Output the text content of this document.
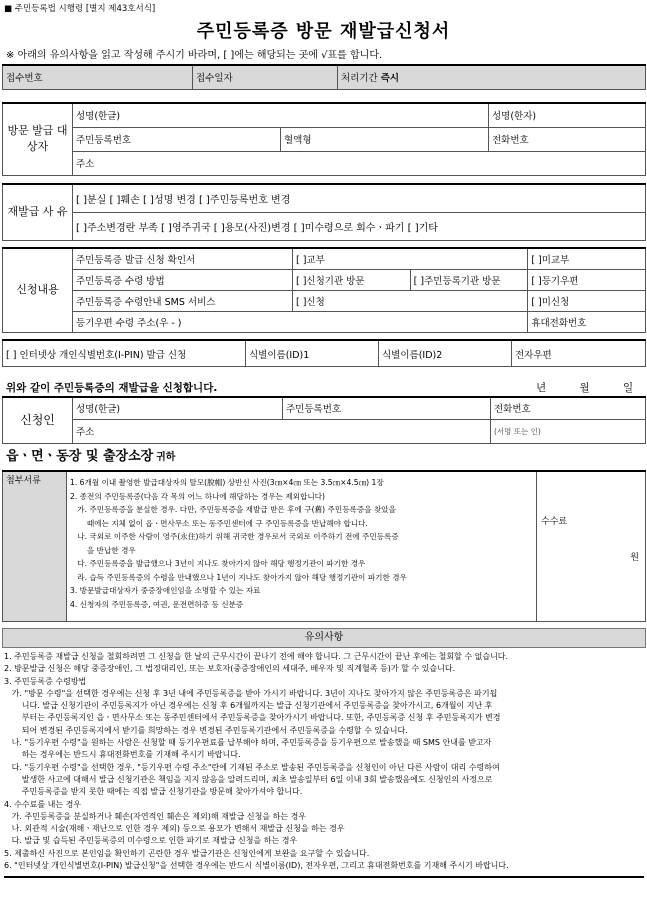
■ 주민등록법 시행령 [별지 제43호서식]
주민등록증 방문 재발급신청서
※ 아래의 유의사항을 읽고 작성해 주시기 바라며, [ ]에는 해당되는 곳에 √표를 합니다.
접수번호	접수일자	처리기간 즉시
방문 발급 대상자	성명(한글)		성명(한자)
	주민등록번호	혈액형	전화번호
	주소		
재발급 사 유	[ ]분실 [ ]훼손 [ ]성명 변경 [ ]주민등록번호 변경
[ ]주소변경란 부족 [ ]영주귀국 [ ]용모(사진)변경 [ ]미수령으로 회수ㆍ파기 [ ]기타
신청내용	주민등록증 발급 신청 확인서	[ ]교부		[ ]미교부
	주민등록증 수령 방법	[ ]신청기관 방문	[ ]주민등록기관 방문	[ ]등기우편
	주민등록증 수령안내 SMS 서비스	[ ]신청		[ ]미신청
	등기우편 수령 주소(우 - )			휴대전화번호
[ ] 인터넷상 개인식별번호(I-PIN) 발급 신청	식별이름(ID)1	식별이름(ID)2	전자우편
위와 같이 주민등록증의 재발급을 신청합니다.	년          월          일
신청인	성명(한글)	주민등록번호	전화번호
	주소		(서명 또는 인)
읍ㆍ면ㆍ동장 및 출장소장 귀하
첨부서류	1. 6개월 이내 촬영한 발급대상자의 탈모(脫帽) 상반신 사진(3㎝×4㎝ 또는 3.5㎝×4.5㎝) 1장
2. 종전의 주민등록증(다음 각 목의 어느 하나에 해당하는 경우는 제외합니다)
가. 주민등록증을 분실한 경우. 다만, 주민등록증을 재발급 받은 후에 구(舊) 주민등록증을 찾았을
때에는 지체 없이 읍ㆍ면사무소 또는 동주민센터에 구 주민등록증을 반납해야 합니다.
나. 국외로 이주한 사람이 영주(永住)하기 위해 귀국한 경우로서 국외로 이주하기 전에 주민등록증
을 반납한 경우
다. 주민등록증을 발급했으나 3년이 지나도 찾아가지 않아 해당 행정기관이 파기한 경우
라. 습득 주민등록증의 수령을 안내했으나 1년이 지나도 찾아가지 않아 해당 행정기관이 파기한 경우
3. 방문발급대상자가 중증장애인임을 소명할 수 있는 자료
4. 신청자의 주민등록증, 여권, 운전면허증 등 신분증

수수료
원
유의사항
1. 주민등록증 재발급 신청을 철회하려면 그 신청을 한 날의 근무시간이 끝나기 전에 해야 합니다. 그 근무시간이 끝난 후에는 철회할 수 없습니다.
2. 방문발급 신청은 해당 중증장애인, 그 법정대리인, 또는 보호자(중증장애인의 세대주, 배우자 및 직계혈족 등)가 할 수 있습니다.
3. 주민등록증 수령방법
가. "방문 수령"을 선택한 경우에는 신청 후 3년 내에 주민등록증을 받아 가시기 바랍니다. 3년이 지나도 찾아가지 않은 주민등록증은 파기됩
니다. 발급 신청기관이 주민등록지가 아닌 경우에는 신청 후 6개월까지는 발급 신청기관에서 주민등록증을 찾아가시고, 6개월이 지난 후
부터는 주민등록지인 읍ㆍ면사무소 또는 동주민센터에서 주민등록증을 찾아가시기 바랍니다. 또한, 주민등록증 신청 후 주민등록지가 변경
되어 변경된 주민등록지에서 받기를 희망하는 경우 변경된 주민등록기관에서 주민등록증을 수령할 수 있습니다.
나. "등기우편 수령"을 원하는 사람은 신청할 때 등기우편료를 납부해야 하며, 주민등록증을 등기우편으로 발송했을 때 SMS 안내를 받고자
하는 경우에는 반드시 휴대전화번호를 기재해 주시기 바랍니다.
다. "등기우편 수령"을 선택한 경우, "등기우편 수령 주소"란에 기재된 주소로 발송된 주민등록증을 신청인이 아닌 다른 사람이 대리 수령하여
발생한 사고에 대해서 발급 신청기관은 책임을 지지 않음을 알려드리며, 최초 발송일부터 6일 이내 3회 발송했음에도 신청인의 사정으로
주민등록증을 받지 못한 때에는 직접 발급 신청기관을 방문해 찾아가셔야 합니다.
4. 수수료를 내는 경우
가. 주민등록증을 분실하거나 훼손(자연적인 훼손은 제외)해 재발급 신청을 하는 경우
나. 외관적 시술(재해ㆍ재난으로 인한 경우 제외) 등으로 용모가 변해서 재발급 신청을 하는 경우
다. 발급 및 습득된 주민등록증의 미수령으로 인한 파기로 재발급 신청을 하는 경우
5. 제출하신 사진으로 본인임을 확인하기 곤란한 경우 발급기관은 신청인에게 보완을 요구할 수 있습니다.
6. "인터넷상 개인식별번호(I-PIN) 발급신청"을 선택한 경우에는 반드시 식별이름(ID), 전자우편, 그리고 휴대전화번호를 기재해 주시기 바랍니다.
